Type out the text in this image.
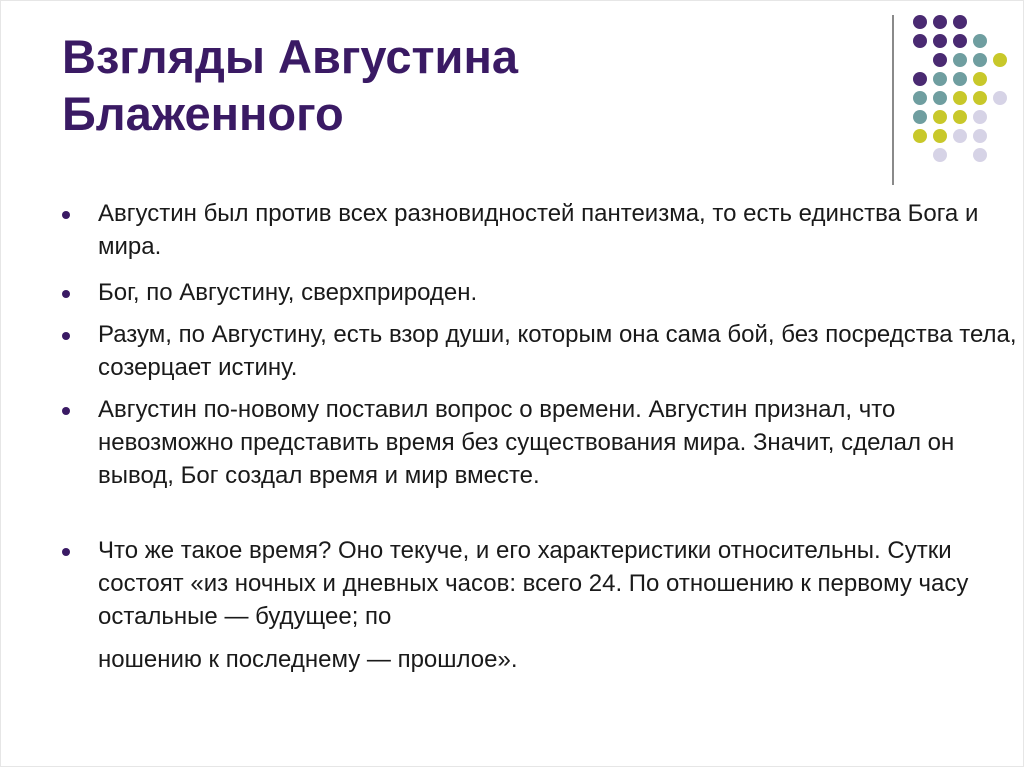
Взгляды Августина
Блаженного
Августин был против всех разновидностей пантеизма, то есть единства Бога и мира.
Бог, по Августину, сверхприроден.
Разум, по Августину, есть взор души, которым она сама бой, без посредства тела, созерцает истину.
Августин по-новому поставил вопрос о времени. Августин признал, что невозможно представить время без существования мира. Значит, сделал он вывод, Бог создал время и мир вместе.
Что же такое время? Оно текуче, и его характеристики относительны. Сутки состоят «из ночных и дневных часов: всего 24. По отношению к первому часу остальные — будущее; по
ношению к последнему — прошлое».
